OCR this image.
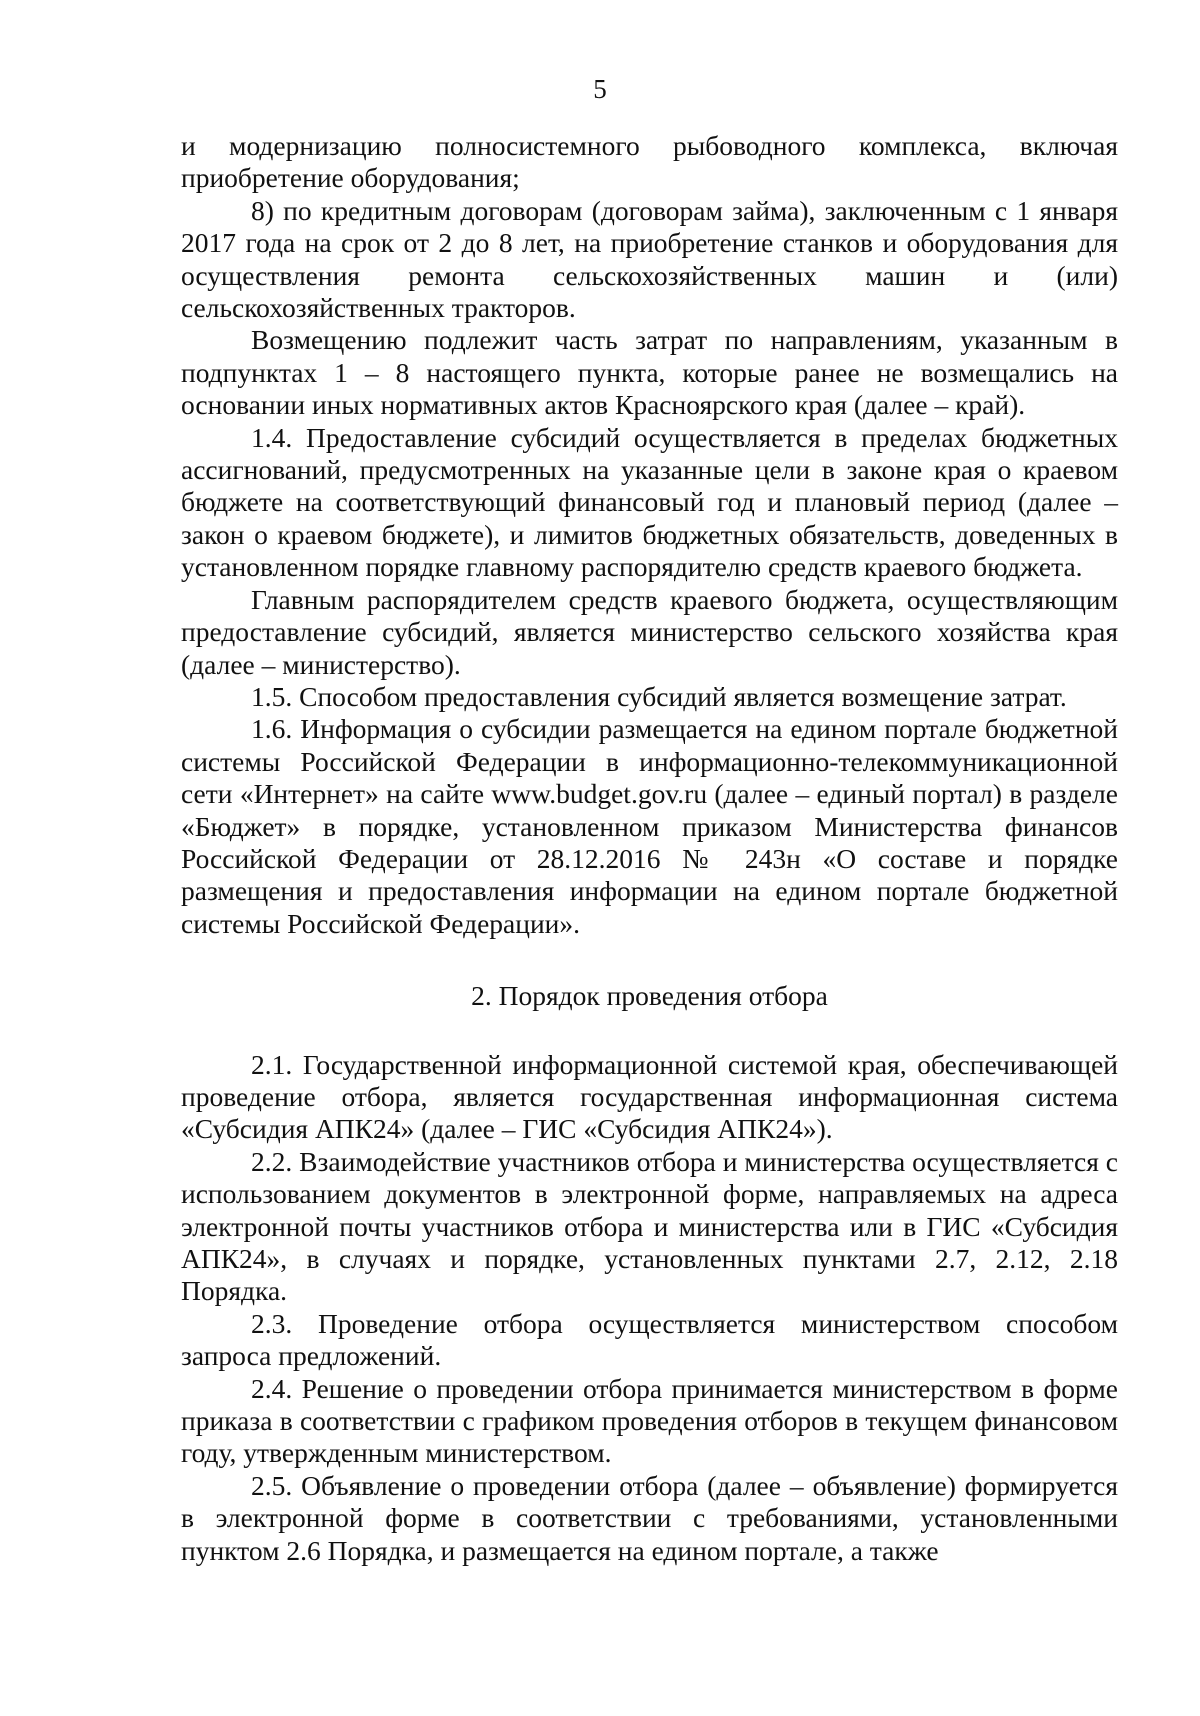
5

и модернизацию полносистемного рыбоводного комплекса, включая приобретение оборудования;

8) по кредитным договорам (договорам займа), заключенным с 1 января 2017 года на срок от 2 до 8 лет, на приобретение станков и оборудования для осуществления ремонта сельскохозяйственных машин и (или) сельскохозяйственных тракторов.

Возмещению подлежит часть затрат по направлениям, указанным в подпунктах 1 – 8 настоящего пункта, которые ранее не возмещались на основании иных нормативных актов Красноярского края (далее – край).

1.4. Предоставление субсидий осуществляется в пределах бюджетных ассигнований, предусмотренных на указанные цели в законе края о краевом бюджете на соответствующий финансовый год и плановый период (далее – закон о краевом бюджете), и лимитов бюджетных обязательств, доведенных в установленном порядке главному распорядителю средств краевого бюджета.

Главным распорядителем средств краевого бюджета, осуществляющим предоставление субсидий, является министерство сельского хозяйства края (далее – министерство).

1.5. Способом предоставления субсидий является возмещение затрат.

1.6. Информация о субсидии размещается на едином портале бюджетной системы Российской Федерации в информационно-телекоммуникационной сети «Интернет» на сайте www.budget.gov.ru (далее – единый портал) в разделе «Бюджет» в порядке, установленном приказом Министерства финансов Российской Федерации от 28.12.2016 № 243н «О составе и порядке размещения и предоставления информации на едином портале бюджетной системы Российской Федерации».

2. Порядок проведения отбора

2.1. Государственной информационной системой края, обеспечивающей проведение отбора, является государственная информационная система «Субсидия АПК24» (далее – ГИС «Субсидия АПК24»).

2.2. Взаимодействие участников отбора и министерства осуществляется с использованием документов в электронной форме, направляемых на адреса электронной почты участников отбора и министерства или в ГИС «Субсидия АПК24», в случаях и порядке, установленных пунктами 2.7, 2.12, 2.18 Порядка.

2.3. Проведение отбора осуществляется министерством способом запроса предложений.

2.4. Решение о проведении отбора принимается министерством в форме приказа в соответствии с графиком проведения отборов в текущем финансовом году, утвержденным министерством.

2.5. Объявление о проведении отбора (далее – объявление) формируется в электронной форме в соответствии с требованиями, установленными пунктом 2.6 Порядка, и размещается на едином портале, а также
